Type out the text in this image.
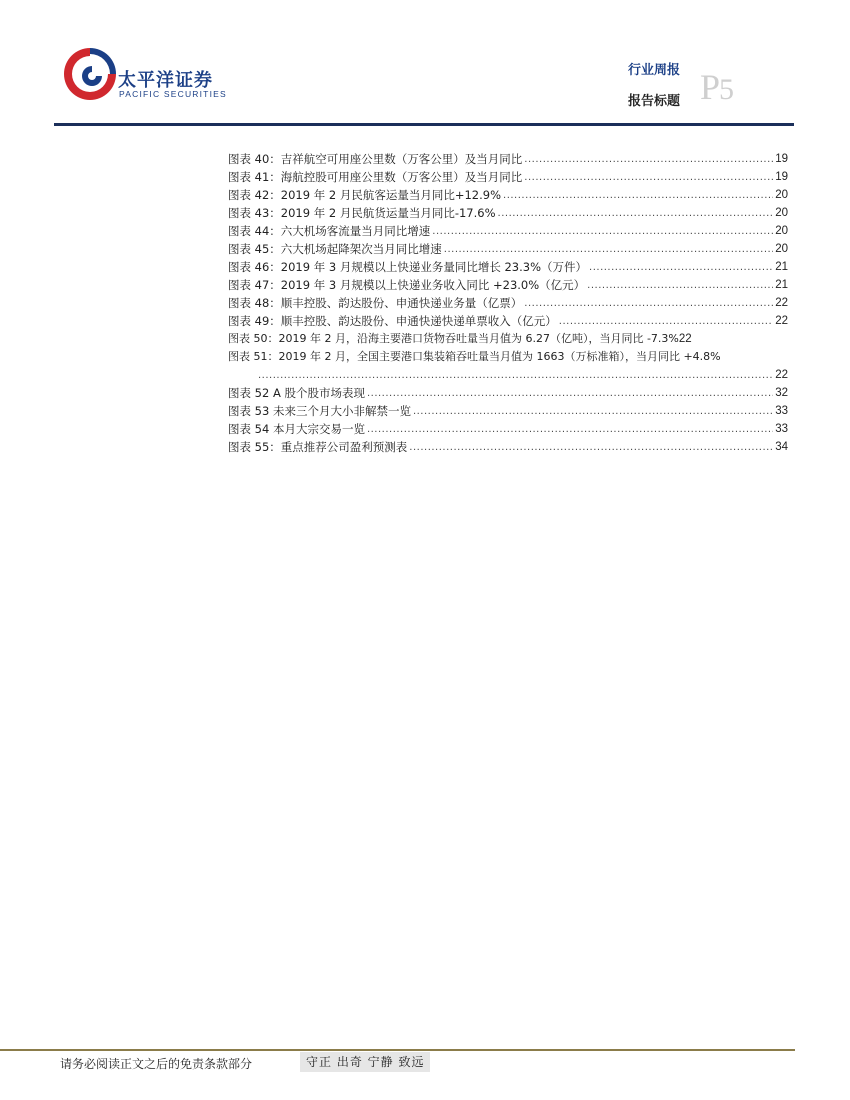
太平洋证券
PACIFIC SECURITIES
行业周报
报告标题 P5
图表 40：吉祥航空可用座公里数（万客公里）及当月同比 .....	19
图表 41：海航控股可用座公里数（万客公里）及当月同比 .....	19
图表 42：2019 年 2 月民航客运量当月同比+12.9% .....	20
图表 43：2019 年 2 月民航货运量当月同比-17.6% .....	20
图表 44：六大机场客流量当月同比增速 .....	20
图表 45：六大机场起降架次当月同比增速 .....	20
图表 46：2019 年 3 月规模以上快递业务量同比增长 23.3%（万件） .....	21
图表 47：2019 年 3 月规模以上快递业务收入同比 +23.0%（亿元） .....	21
图表 48：顺丰控股、韵达股份、申通快递业务量（亿票） .....	22
图表 49：顺丰控股、韵达股份、申通快递快递单票收入（亿元） .....	22
图表 50：2019 年 2 月，沿海主要港口货物吞吐量当月值为 6.27（亿吨），当月同比 -7.3% 22
图表 51：2019 年 2 月，全国主要港口集装箱吞吐量当月值为 1663（万标准箱），当月同比 +4.8%
.....
22
图表 52 A 股个股市场表现 .....	32
图表 53 未来三个月大小非解禁一览 .....	33
图表 54 本月大宗交易一览 .....	33
图表 55：重点推荐公司盈利预测表 .....	34
请务必阅读正文之后的免责条款部分	守正 出奇 宁静 致远
